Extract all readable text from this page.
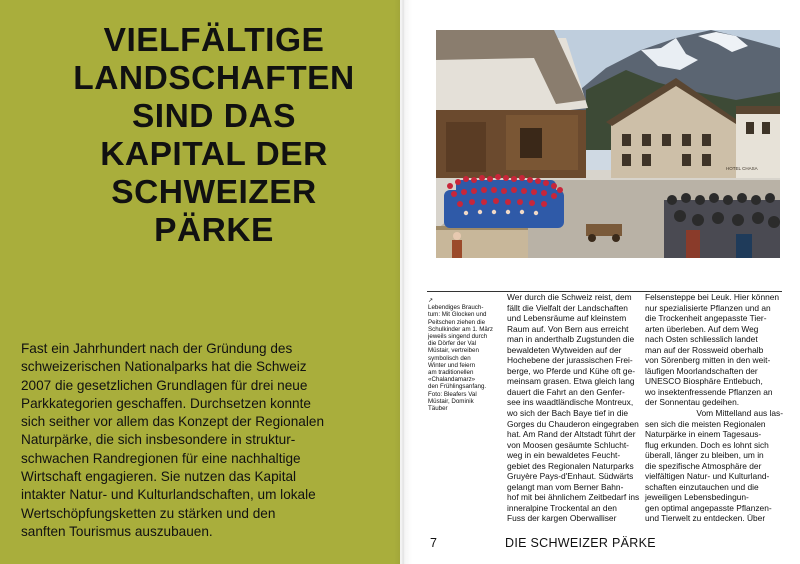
VIELFÄLTIGE
LANDSCHAFTEN
SIND DAS
KAPITAL DER
SCHWEIZER
PÄRKE

Fast ein Jahrhundert nach der Gründung des
schweizerischen Nationalparks hat die Schweiz
2007 die gesetzlichen Grundlagen für drei neue
Parkkategorien geschaffen. Durchsetzen konnte
sich seither vor allem das Konzept der Regionalen
Naturpärke, die sich insbesondere in struktur-
schwachen Randregionen für eine nachhaltige
Wirtschaft engagieren. Sie nutzen das Kapital
intakter Natur- und Kulturlandschaften, um lokale
Wertschöpfungsketten zu stärken und den
sanften Tourismus auszubauen.

HOTEL CHASA

↗
Lebendiges Brauch-
tum: Mit Glocken und
Peitschen ziehen die
Schulkinder am 1. März
jeweils singend durch
die Dörfer der Val
Müstair, vertreiben
symbolisch den
Winter und feiern
am traditionellen
«Chalandamarz»
den Frühlingsanfang.
Foto: Bleafers Val
Müstair, Dominik
Täuber

Wer durch die Schweiz reist, dem
fällt die Vielfalt der Landschaften
und Lebensräume auf kleinstem
Raum auf. Von Bern aus erreicht
man in anderthalb Zugstunden die
bewaldeten Wytweiden auf der
Hochebene der jurassischen Frei-
berge, wo Pferde und Kühe oft ge-
meinsam grasen. Etwa gleich lang
dauert die Fahrt an den Genfer-
see ins waadtländische Montreux,
wo sich der Bach Baye tief in die
Gorges du Chauderon eingegraben
hat. Am Rand der Altstadt führt der
von Moosen gesäumte Schlucht-
weg in ein bewaldetes Feucht-
gebiet des Regionalen Naturparks
Gruyère Pays-d'Enhaut. Südwärts
gelangt man vom Berner Bahn-
hof mit bei ähnlichem Zeitbedarf ins
inneralpine Trockental an den
Fuss der kargen Oberwalliser

Felsensteppe bei Leuk. Hier können
nur spezialisierte Pflanzen und an
die Trockenheit angepasste Tier-
arten überleben. Auf dem Weg
nach Osten schliesslich landet
man auf der Rossweid oberhalb
von Sörenberg mitten in den weit-
läufigen Moorlandschaften der
UNESCO Biosphäre Entlebuch,
wo insektenfressende Pflanzen an
der Sonnentau gedeihen.
Vom Mittelland aus las-
sen sich die meisten Regionalen
Naturpärke in einem Tagesaus-
flug erkunden. Doch es lohnt sich
überall, länger zu bleiben, um in
die spezifische Atmosphäre der
vielfältigen Natur- und Kulturland-
schaften einzutauchen und die
jeweiligen Lebensbedingun-
gen optimal angepasste Pflanzen-
und Tierwelt zu entdecken. Über

7	DIE SCHWEIZER PÄRKE
